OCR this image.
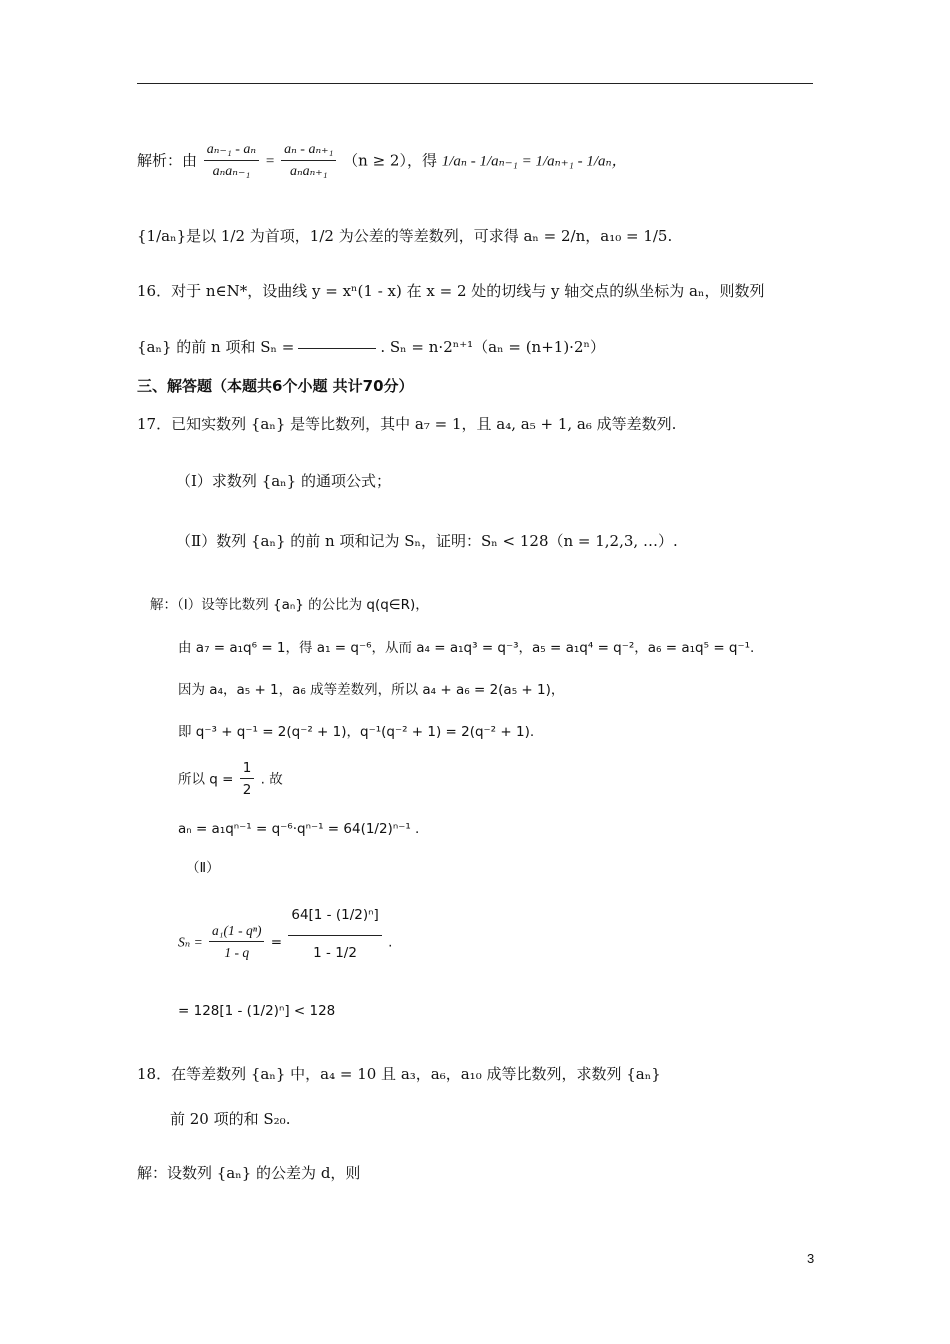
解析：由 $\frac{\text{aₙ₋₁ - aₙ}}{\text{aₙaₙ₋₁}} = \frac{\text{aₙ - aₙ₊₁}}{\text{aₙaₙ₊₁}} (n \ge 2)$，得 1/aₙ - 1/aₙ₋₁ = 1/aₙ₊₁ - 1/aₙ，
{1/aₙ}是以 1/2 为首项，1/2 为公差的等差数列，可求得 aₙ = 2/n，a₁₀ = 1/5.
16．对于 n∈N*，设曲线 y = xⁿ(1 - x) 在 x = 2 处的切线与 y 轴交点的纵坐标为 aₙ，则数列
{aₙ} 的前 n 项和 Sₙ =	. Sₙ = n·2ⁿ⁺¹（aₙ = (n+1)·2ⁿ）
三、解答题（本题共6个小题 共计70分）
17．已知实数列 {aₙ} 是等比数列，其中 a₇ = 1，且 a₄, a₅ + 1, a₆ 成等差数列.
（Ⅰ）求数列 {aₙ} 的通项公式；
（Ⅱ）数列 {aₙ} 的前 n 项和记为 Sₙ，证明：Sₙ < 128（n = 1,2,3, …）.
解：（Ⅰ）设等比数列 {aₙ} 的公比为 q(q∈R)，
由 a₇ = a₁q⁶ = 1，得 a₁ = q⁻⁶，从而 a₄ = a₁q³ = q⁻³，a₅ = a₁q⁴ = q⁻²，a₆ = a₁q⁵ = q⁻¹.
因为 a₄，a₅ + 1，a₆ 成等差数列，所以 a₄ + a₆ = 2(a₅ + 1)，
即 q⁻³ + q⁻¹ = 2(q⁻² + 1)，q⁻¹(q⁻² + 1) = 2(q⁻² + 1).
所以 $q = \frac{1}{2}$ . 故
aₙ = a₁qⁿ⁻¹ = q⁻⁶·qⁿ⁻¹ = 64(1/2)ⁿ⁻¹ .
（Ⅱ）
$S_n = \frac{\text{a₁(1 - qⁿ)}}{1 - q} = \frac{\text{64[1 - (1/2)ⁿ]}}{1 - 1/2}$ .
= 128[1 - (1/2)ⁿ] < 128
18．在等差数列 {aₙ} 中，a₄ = 10 且 a₃，a₆，a₁₀ 成等比数列，求数列 {aₙ}
前 20 项的和 S₂₀.
解：设数列 {aₙ} 的公差为 d，则
3
